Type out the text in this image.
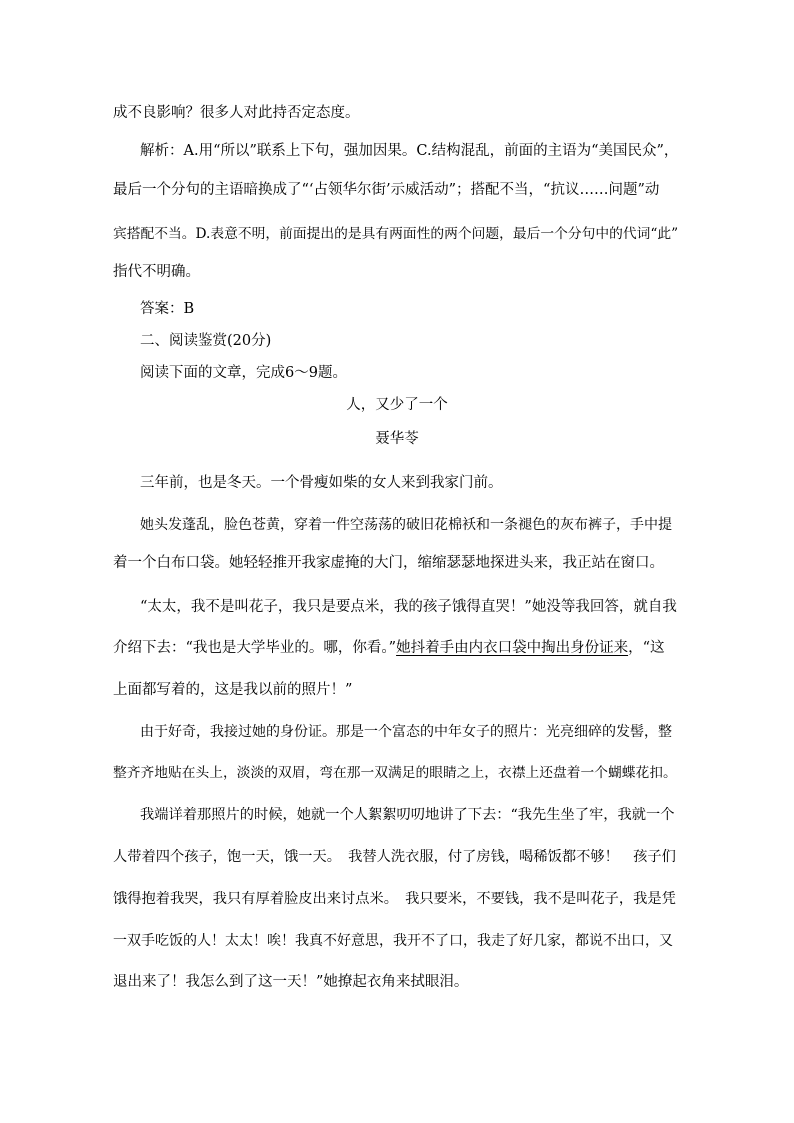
成不良影响？很多人对此持否定态度。
解析：A.用“所以”联系上下句，强加因果。C.结构混乱，前面的主语为“美国民众”，
最后一个分句的主语暗换成了“‘占领华尔街’示威活动”；搭配不当，“抗议……问题”动
宾搭配不当。D.表意不明，前面提出的是具有两面性的两个问题，最后一个分句中的代词“此”
指代不明确。
答案：B
二、阅读鉴赏(20分)
阅读下面的文章，完成6～9题。
人，又少了一个
聂华苓
三年前，也是冬天。一个骨瘦如柴的女人来到我家门前。
她头发蓬乱，脸色苍黄，穿着一件空荡荡的破旧花棉袄和一条褪色的灰布裤子，手中提
着一个白布口袋。她轻轻推开我家虚掩的大门，缩缩瑟瑟地探进头来，我正站在窗口。
“太太，我不是叫花子，我只是要点米，我的孩子饿得直哭！”她没等我回答，就自我
介绍下去：“我也是大学毕业的。哪，你看。”她抖着手由内衣口袋中掏出身份证来，“这
上面都写着的，这是我以前的照片！”
由于好奇，我接过她的身份证。那是一个富态的中年女子的照片：光亮细碎的发髻，整
整齐齐地贴在头上，淡淡的双眉，弯在那一双满足的眼睛之上，衣襟上还盘着一个蝴蝶花扣。
我端详着那照片的时候，她就一个人絮絮叨叨地讲了下去：“我先生坐了牢，我就一个
人带着四个孩子，饱一天，饿一天。　我替人洗衣服，付了房钱，喝稀饭都不够！　孩子们
饿得抱着我哭，我只有厚着脸皮出来讨点米。　我只要米，不要钱，我不是叫花子，我是凭
一双手吃饭的人！太太！唉！我真不好意思，我开不了口，我走了好几家，都说不出口，又
退出来了！我怎么到了这一天！”她撩起衣角来拭眼泪。
